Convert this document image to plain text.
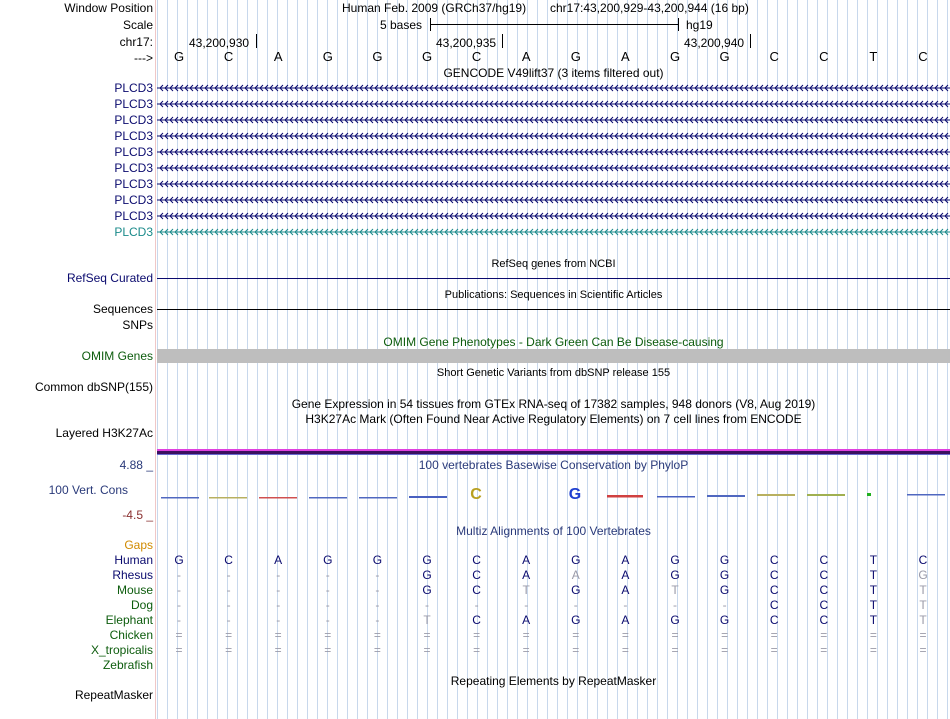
Window Position
Scale
chr17:
--->
Human Feb. 2009 (GRCh37/hg19) chr17:43,200,929-43,200,944 (16 bp)
5 bases	hg19
43,200,930	43,200,935	43,200,940
G	C	A	G	G	G	C	A	G	A	G	G	C	C	T	C
GENCODE V49lift37 (3 items filtered out)
PLCD3
PLCD3
PLCD3
PLCD3
PLCD3
PLCD3
PLCD3
PLCD3
PLCD3
PLCD3
RefSeq genes from NCBI
RefSeq Curated
Publications: Sequences in Scientific Articles
Sequences
SNPs
OMIM Gene Phenotypes - Dark Green Can Be Disease-causing
OMIM Genes
Short Genetic Variants from dbSNP release 155
Common dbSNP(155)
Gene Expression in 54 tissues from GTEx RNA-seq of 17382 samples, 948 donors (V8, Aug 2019)
H3K27Ac Mark (Often Found Near Active Regulatory Elements) on 7 cell lines from ENCODE
Layered H3K27Ac
100 vertebrates Basewise Conservation by PhyloP
4.88 _
100 Vert. Cons
-4.5 _
C	G
Multiz Alignments of 100 Vertebrates
Gaps
Human	G	C	A	G	G	G	C	A	G	A	G	G	C	C	T	C
Rhesus	-	-	-	-	-	G	C	A	A	A	G	G	C	C	T	G
Mouse	-	-	-	-	-	G	C	T	G	A	T	G	C	C	T	T
Dog	-	-	-	-	-	-	-	-	-	-	-	-	C	C	T	T
Elephant	-	-	-	-	-	T	C	A	G	A	G	G	C	C	T	T
Chicken	=	=	=	=	=	=	=	=	=	=	=	=	=	=	=	=
X_tropicalis	=	=	=	=	=	=	=	=	=	=	=	=	=	=	=	=
Zebrafish
Repeating Elements by RepeatMasker
RepeatMasker
